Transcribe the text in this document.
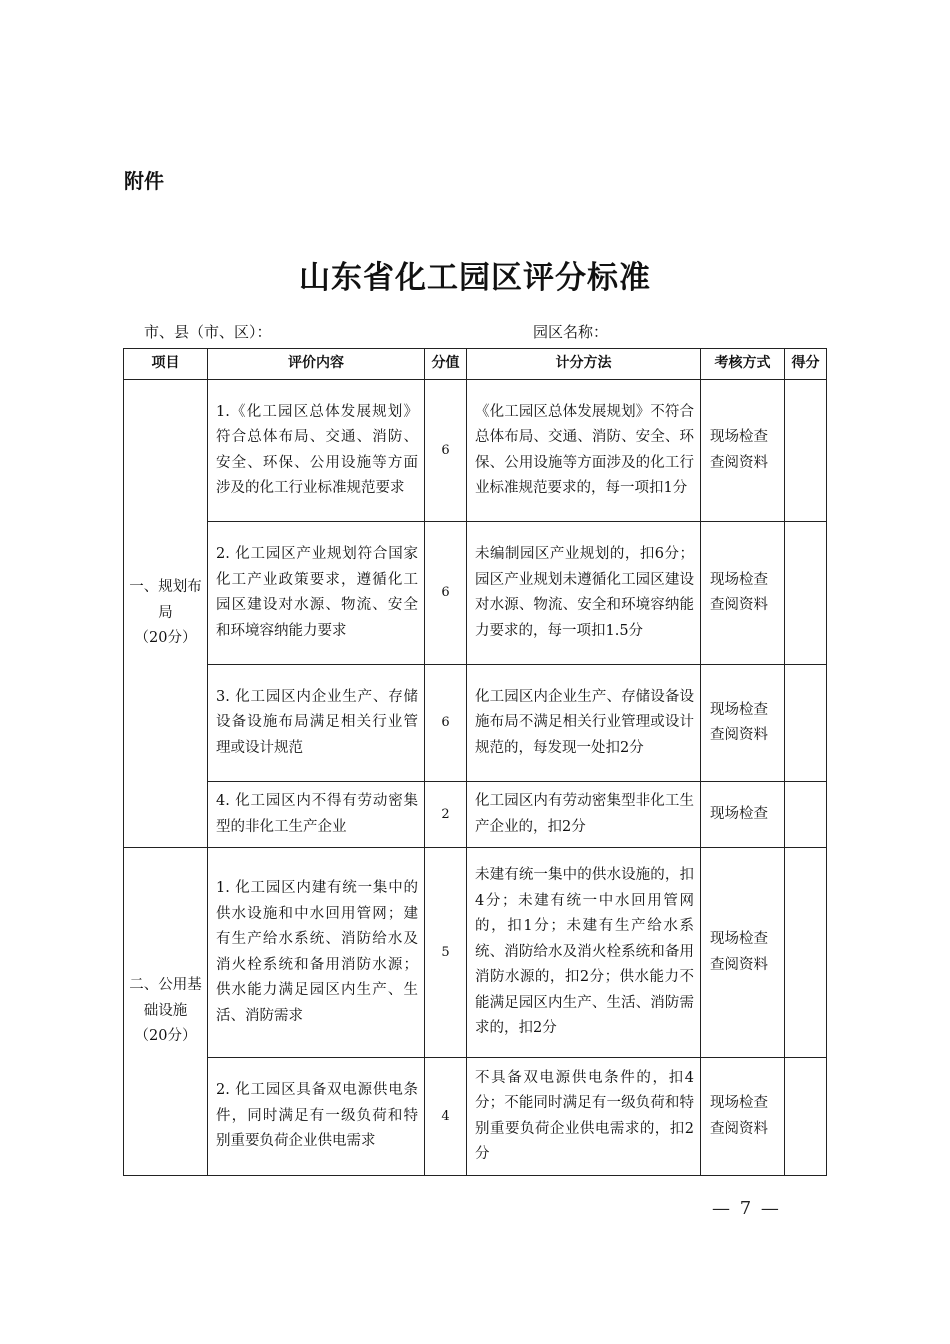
附件
山东省化工园区评分标准
市、县（市、区）：	园区名称：
项目	评价内容	分值	计分方法	考核方式	得分

一、规划布局
（20分）	1.《化工园区总体发展规划》符合总体布局、交通、消防、安全、环保、公用设施等方面涉及的化工行业标准规范要求	6	《化工园区总体发展规划》不符合总体布局、交通、消防、安全、环保、公用设施等方面涉及的化工行业标准规范要求的，每一项扣1分	现场检查查阅资料	
	2. 化工园区产业规划符合国家化工产业政策要求，遵循化工园区建设对水源、物流、安全和环境容纳能力要求	6	未编制园区产业规划的，扣6分；园区产业规划未遵循化工园区建设对水源、物流、安全和环境容纳能力要求的，每一项扣1.5分	现场检查查阅资料	
	3. 化工园区内企业生产、存储设备设施布局满足相关行业管理或设计规范	6	化工园区内企业生产、存储设备设施布局不满足相关行业管理或设计规范的，每发现一处扣2分	现场检查查阅资料	
	4. 化工园区内不得有劳动密集型的非化工生产企业	2	化工园区内有劳动密集型非化工生产企业的，扣2分	现场检查	

二、公用基础设施
（20分）	1. 化工园区内建有统一集中的供水设施和中水回用管网；建有生产给水系统、消防给水及消火栓系统和备用消防水源；供水能力满足园区内生产、生活、消防需求	5	未建有统一集中的供水设施的，扣4分；未建有统一中水回用管网的，扣1分；未建有生产给水系统、消防给水及消火栓系统和备用消防水源的，扣2分；供水能力不能满足园区内生产、生活、消防需求的，扣2分	现场检查查阅资料	
	2. 化工园区具备双电源供电条件，同时满足有一级负荷和特别重要负荷企业供电需求	4	不具备双电源供电条件的，扣4分；不能同时满足有一级负荷和特别重要负荷企业供电需求的，扣2分	现场检查查阅资料	
— 7 —
